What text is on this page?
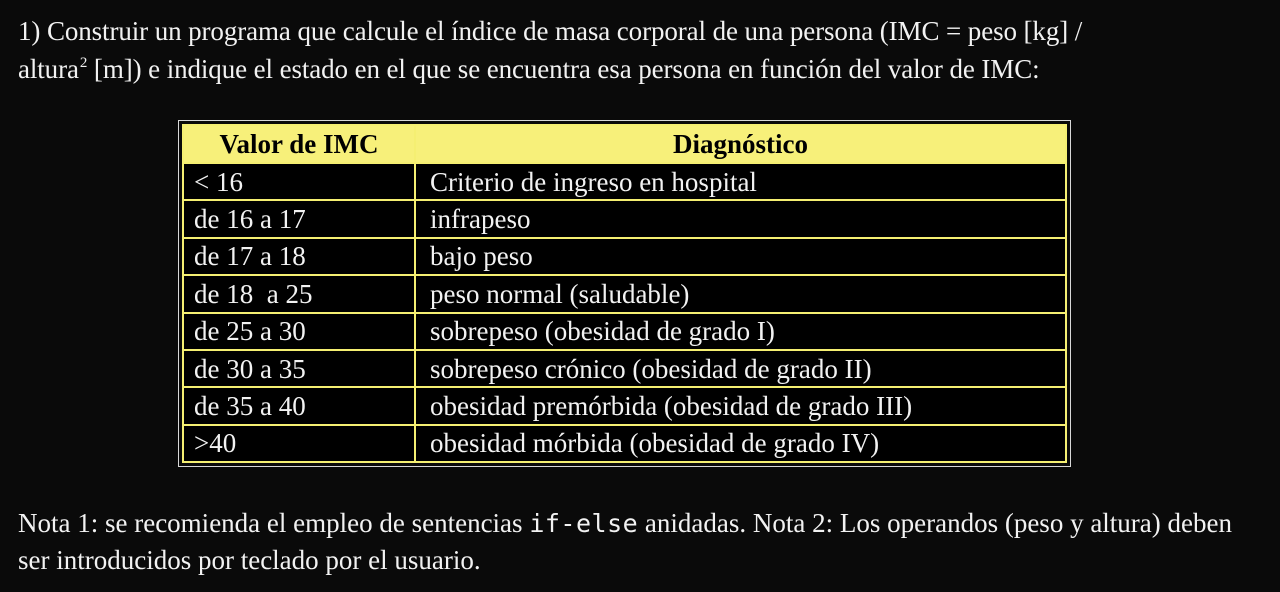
1) Construir un programa que calcule el índice de masa corporal de una persona (IMC = peso [kg] /
altura$^2$ [m]) e indique el estado en el que se encuentra esa persona en función del valor de IMC:
Valor de IMC	Diagnóstico
< 16	Criterio de ingreso en hospital
de 16 a 17	infrapeso
de 17 a 18	bajo peso
de 18  a 25	peso normal (saludable)
de 25 a 30	sobrepeso (obesidad de grado I)
de 30 a 35	sobrepeso crónico (obesidad de grado II)
de 35 a 40	obesidad premórbida (obesidad de grado III)
>40	obesidad mórbida (obesidad de grado IV)
Nota 1: se recomienda el empleo de sentencias if-else anidadas. Nota 2: Los operandos (peso y altura) deben ser introducidos por teclado por el usuario.
